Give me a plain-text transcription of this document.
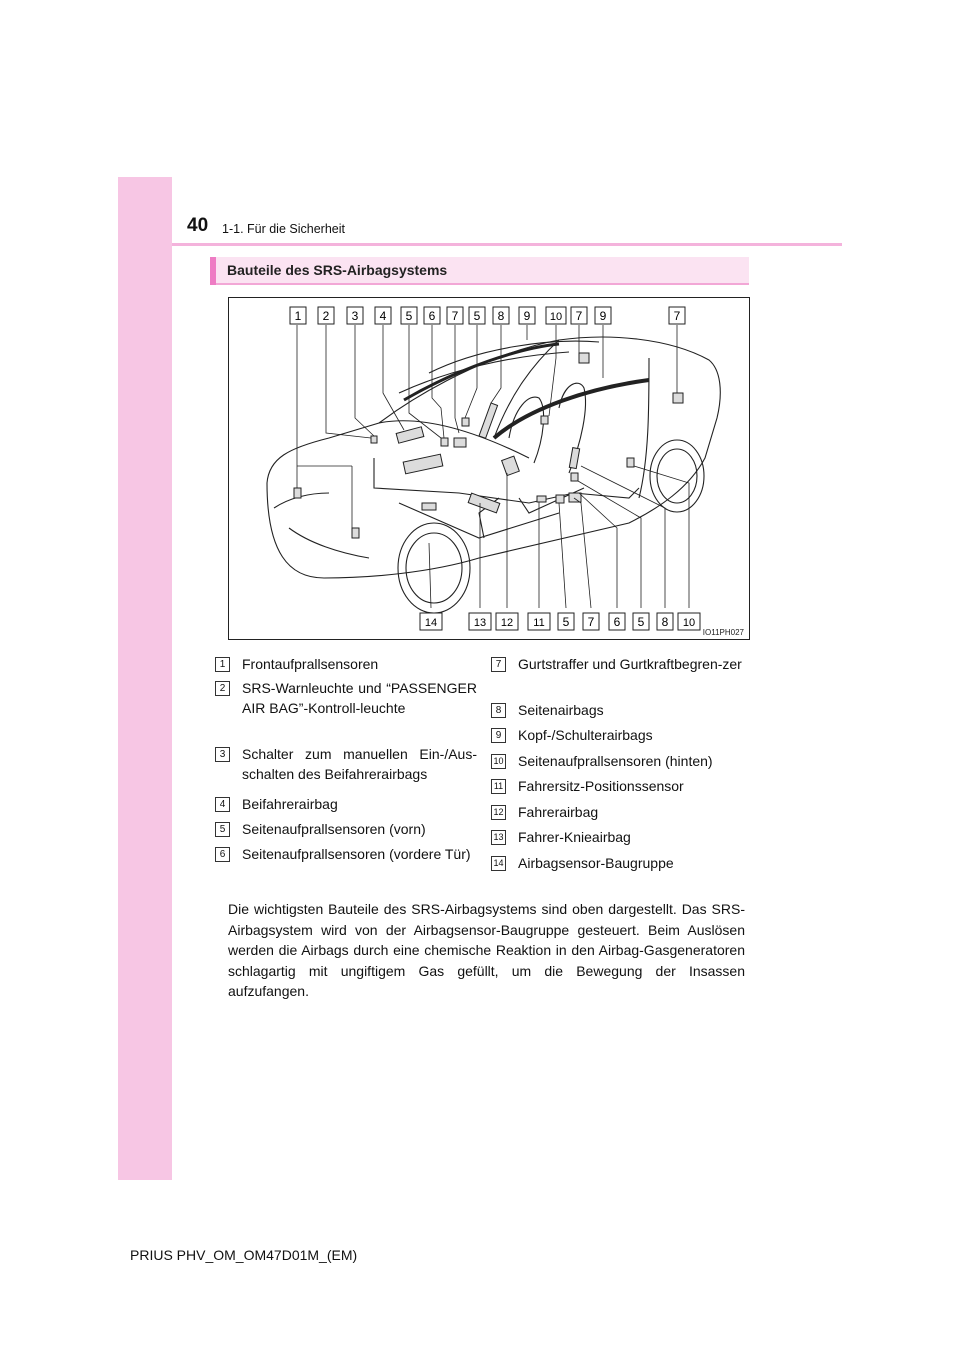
40 1-1. Für die Sicherheit
Bauteile des SRS-Airbagsystems
1 2 3 4 5 6 7 5 8 9 10 7 9	7
14	13 12 11 5 7 6 5 8 10
IO11PH027
1	Frontaufprallsensoren
2	SRS-Warnleuchte und “PASSENGER AIR BAG”-Kontroll-leuchte
3	Schalter zum manuellen Ein-/Aus-schalten des Beifahrerairbags
4	Beifahrerairbag
5	Seitenaufprallsensoren (vorn)
6	Seitenaufprallsensoren (vordere Tür)
7	Gurtstraffer und Gurtkraftbegren-zer
8	Seitenairbags
9	Kopf-/Schulterairbags
10 Seitenaufprallsensoren (hinten)
11 Fahrersitz-Positionssensor
12 Fahrerairbag
13 Fahrer-Knieairbag
14 Airbagsensor-Baugruppe
Die wichtigsten Bauteile des SRS-Airbagsystems sind oben dargestellt. Das SRS-Airbagsystem wird von der Airbagsensor-Baugruppe gesteuert. Beim Auslösen werden die Airbags durch eine chemische Reaktion in den Airbag-Gasgeneratoren schlagartig mit ungiftigem Gas gefüllt, um die Bewegung der Insassen aufzufangen.
PRIUS PHV_OM_OM47D01M_(EM)
